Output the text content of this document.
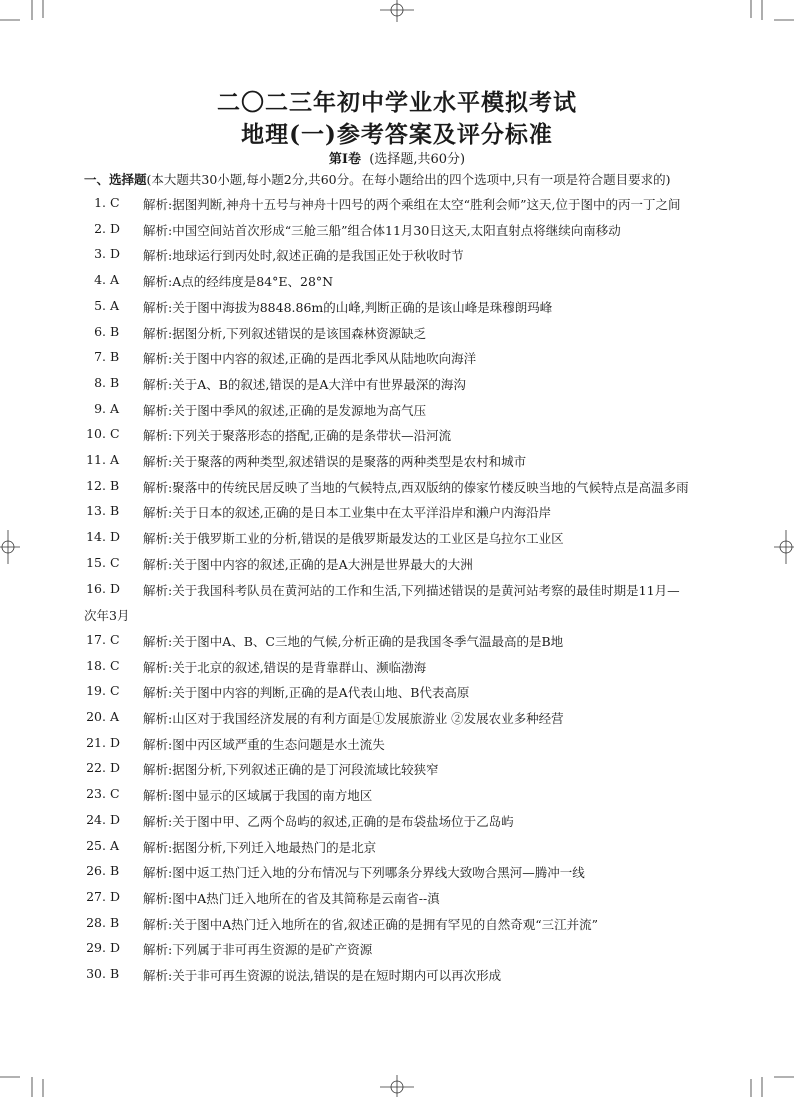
二〇二三年初中学业水平模拟考试
地理(一)参考答案及评分标准
第Ⅰ卷 (选择题,共60分)
一、选择题(本大题共30小题,每小题2分,共60分。在每小题给出的四个选项中,只有一项是符合题目要求的)
1. C 解析:据图判断,神舟十五号与神舟十四号的两个乘组在太空“胜利会师”这天,位于图中的丙一丁之间
2. D 解析:中国空间站首次形成“三舱三船”组合体11月30日这天,太阳直射点将继续向南移动
3. D 解析:地球运行到丙处时,叙述正确的是我国正处于秋收时节
4. A 解析:A点的经纬度是84°E、28°N
5. A 解析:关于图中海拔为8848.86m的山峰,判断正确的是该山峰是珠穆朗玛峰
6. B 解析:据图分析,下列叙述错误的是该国森林资源缺乏
7. B 解析:关于图中内容的叙述,正确的是西北季风从陆地吹向海洋
8. B 解析:关于A、B的叙述,错误的是A大洋中有世界最深的海沟
9. A 解析:关于图中季风的叙述,正确的是发源地为高气压
10. C 解析:下列关于聚落形态的搭配,正确的是条带状—沿河流
11. A 解析:关于聚落的两种类型,叙述错误的是聚落的两种类型是农村和城市
12. B 解析:聚落中的传统民居反映了当地的气候特点,西双版纳的傣家竹楼反映当地的气候特点是高温多雨
13. B 解析:关于日本的叙述,正确的是日本工业集中在太平洋沿岸和濑户内海沿岸
14. D 解析:关于俄罗斯工业的分析,错误的是俄罗斯最发达的工业区是乌拉尔工业区
15. C 解析:关于图中内容的叙述,正确的是A大洲是世界最大的大洲
16. D 解析:关于我国科考队员在黄河站的工作和生活,下列描述错误的是黄河站考察的最佳时期是11月—
次年3月
17. C 解析:关于图中A、B、C三地的气候,分析正确的是我国冬季气温最高的是B地
18. C 解析:关于北京的叙述,错误的是背靠群山、濒临渤海
19. C 解析:关于图中内容的判断,正确的是A代表山地、B代表高原
20. A 解析:山区对于我国经济发展的有利方面是①发展旅游业 ②发展农业多种经营
21. D 解析:图中丙区域严重的生态问题是水土流失
22. D 解析:据图分析,下列叙述正确的是丁河段流域比较狭窄
23. C 解析:图中显示的区域属于我国的南方地区
24. D 解析:关于图中甲、乙两个岛屿的叙述,正确的是布袋盐场位于乙岛屿
25. A 解析:据图分析,下列迁入地最热门的是北京
26. B 解析:图中返工热门迁入地的分布情况与下列哪条分界线大致吻合黑河—腾冲一线
27. D 解析:图中A热门迁入地所在的省及其简称是云南省--滇
28. B 解析:关于图中A热门迁入地所在的省,叙述正确的是拥有罕见的自然奇观“三江并流”
29. D 解析:下列属于非可再生资源的是矿产资源
30. B 解析:关于非可再生资源的说法,错误的是在短时期内可以再次形成
